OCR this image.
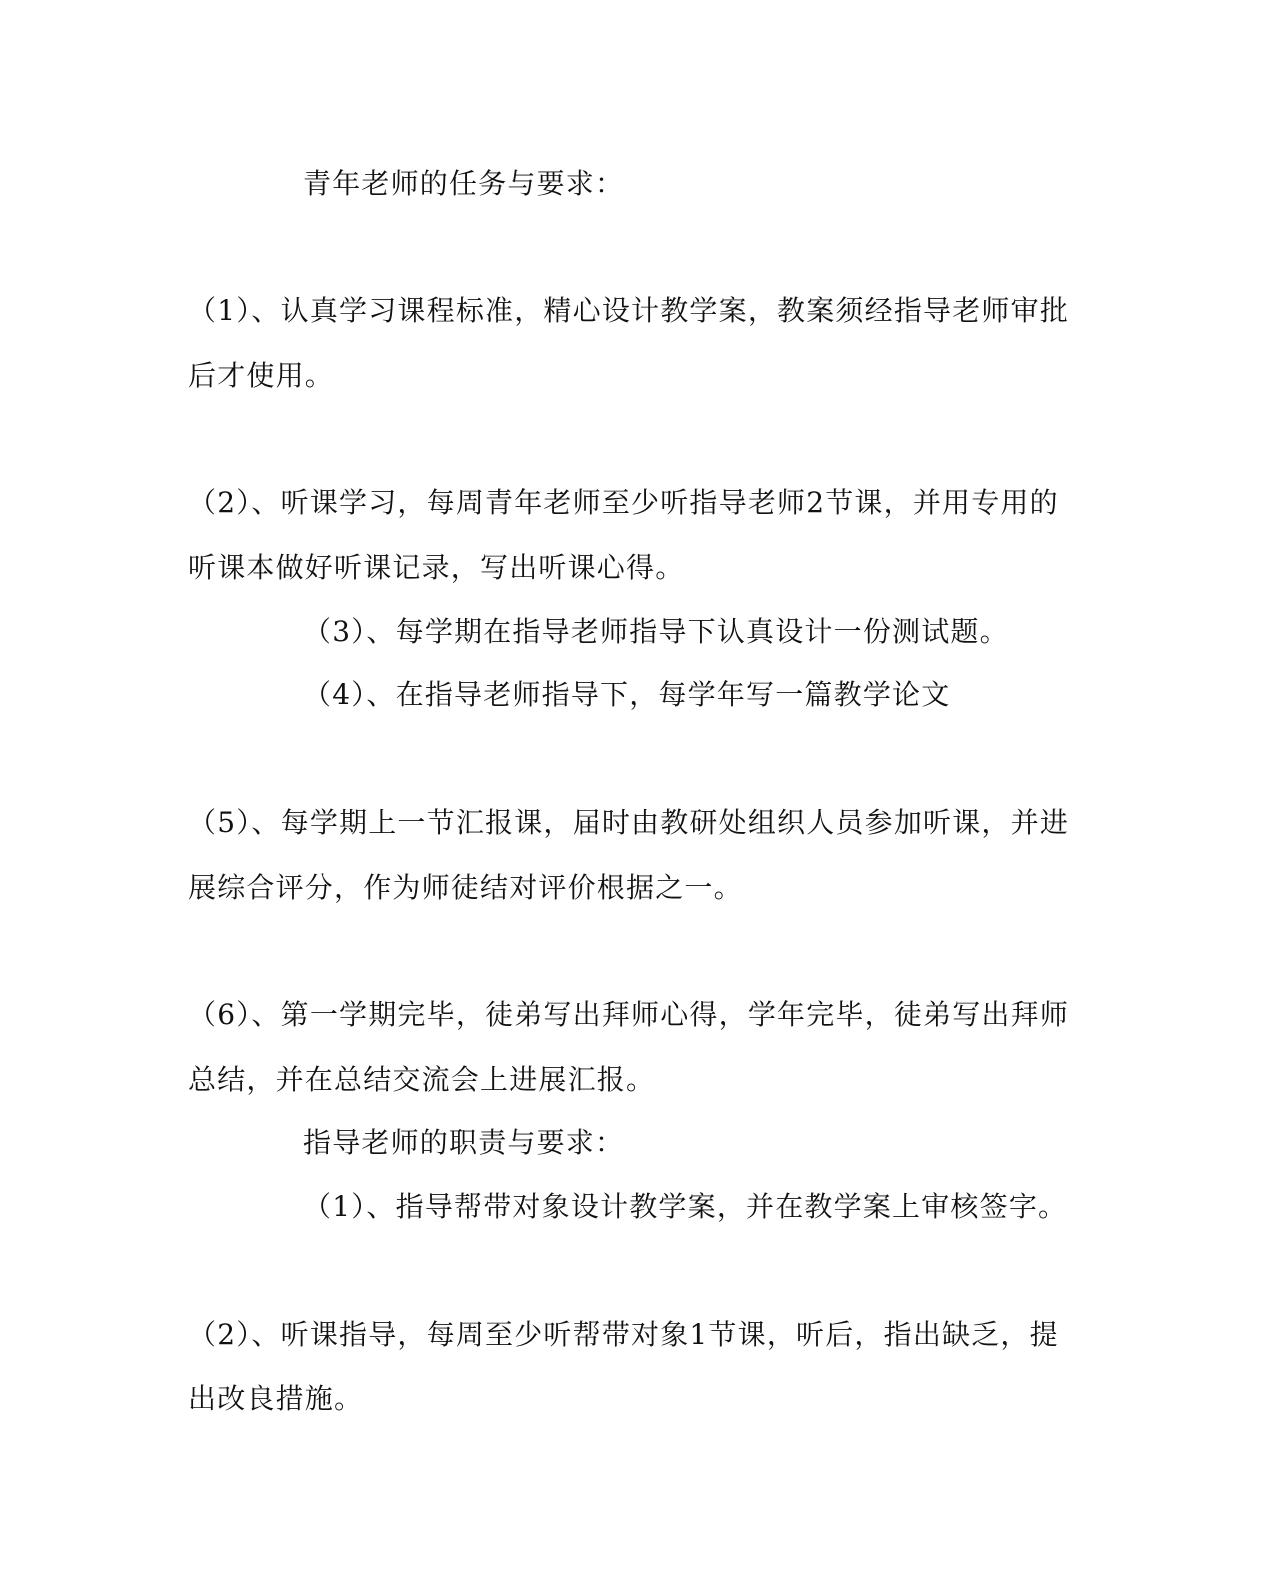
青年老师的任务与要求：
（1）、认真学习课程标准，精心设计教学案，教案须经指导老师审批
后才使用。
（2）、听课学习，每周青年老师至少听指导老师2节课，并用专用的
听课本做好听课记录，写出听课心得。
（3）、每学期在指导老师指导下认真设计一份测试题。
（4）、在指导老师指导下，每学年写一篇教学论文
（5）、每学期上一节汇报课，届时由教研处组织人员参加听课，并进
展综合评分，作为师徒结对评价根据之一。
（6）、第一学期完毕，徒弟写出拜师心得，学年完毕，徒弟写出拜师
总结，并在总结交流会上进展汇报。
指导老师的职责与要求：
（1）、指导帮带对象设计教学案，并在教学案上审核签字。
（2）、听课指导，每周至少听帮带对象1节课，听后，指出缺乏，提
出改良措施。
